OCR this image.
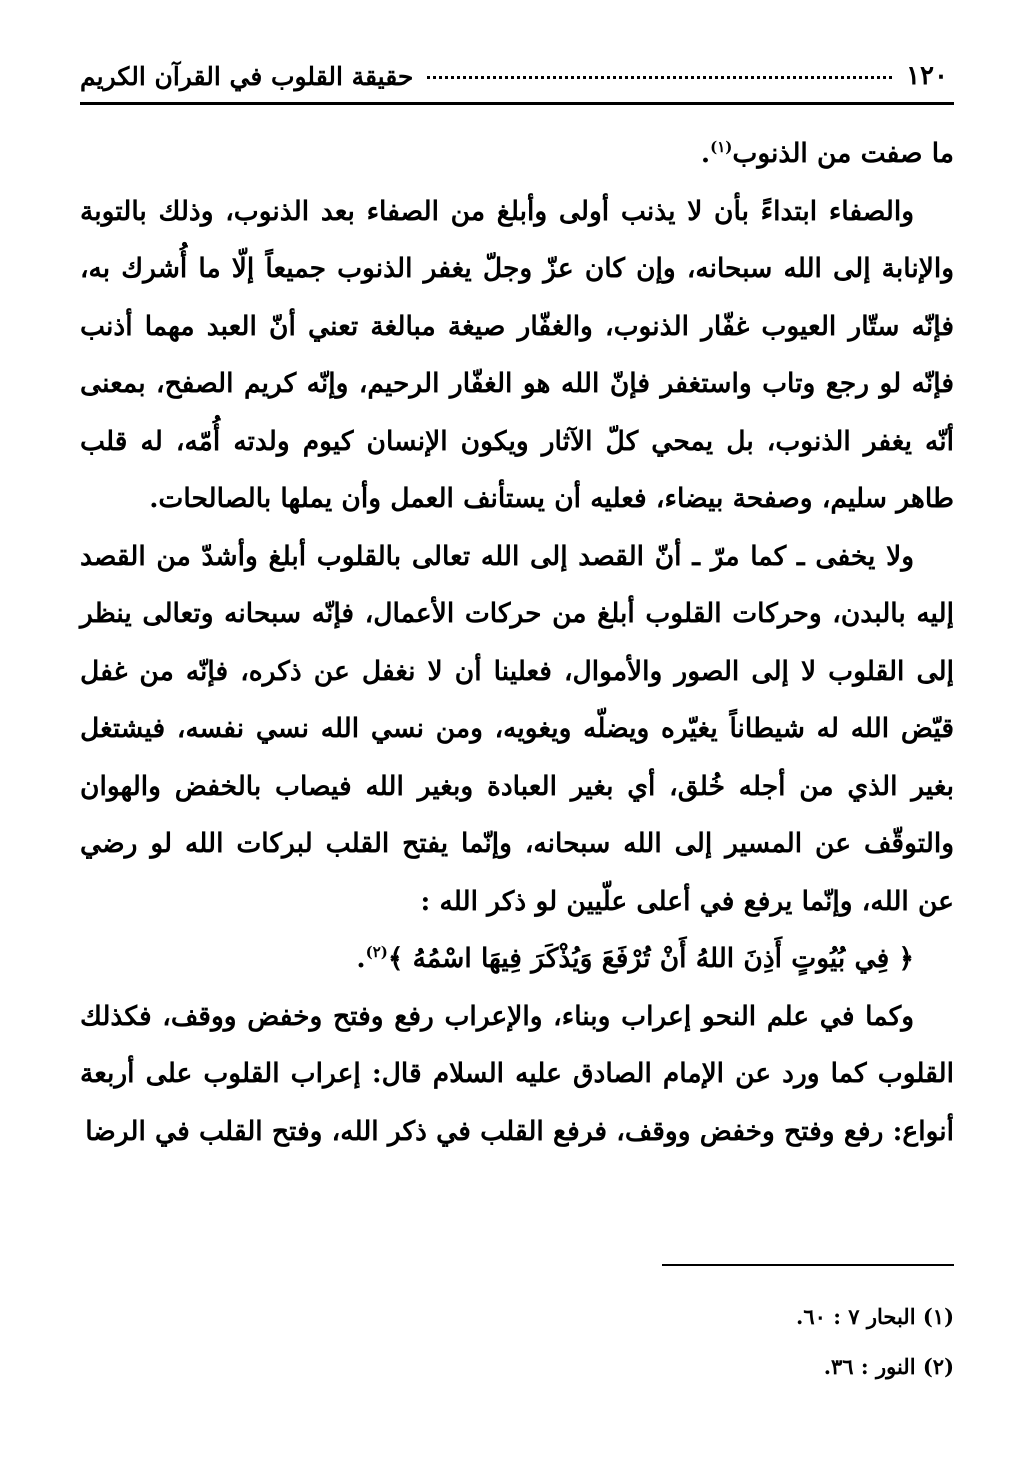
١٢٠
حقيقة القلوب في القرآن الكريم

ما صفت من الذنوب$^{(١)}$.

والصفاء ابتداءً بأن لا يذنب أولى وأبلغ من الصفاء بعد الذنوب، وذلك بالتوبة والإنابة إلى الله سبحانه، وإن كان عزّ وجلّ يغفر الذنوب جميعاً إلّا ما أُشرك به، فإنّه ستّار العيوب غفّار الذنوب، والغفّار صيغة مبالغة تعني أنّ العبد مهما أذنب فإنّه لو رجع وتاب واستغفر فإنّ الله هو الغفّار الرحيم، وإنّه كريم الصفح، بمعنى أنّه يغفر الذنوب، بل يمحي كلّ الآثار ويكون الإنسان كيوم ولدته أُمّه، له قلب طاهر سليم، وصفحة بيضاء، فعليه أن يستأنف العمل وأن يملها بالصالحات.

ولا يخفى ـ كما مرّ ـ أنّ القصد إلى الله تعالى بالقلوب أبلغ وأشدّ من القصد إليه بالبدن، وحركات القلوب أبلغ من حركات الأعمال، فإنّه سبحانه وتعالى ينظر إلى القلوب لا إلى الصور والأموال، فعلينا أن لا نغفل عن ذكره، فإنّه من غفل قيّض الله له شيطاناً يغيّره ويضلّه ويغويه، ومن نسي الله نسي نفسه، فيشتغل بغير الذي من أجله خُلق، أي بغير العبادة وبغير الله فيصاب بالخفض والهوان والتوقّف عن المسير إلى الله سبحانه، وإنّما يفتح القلب لبركات الله لو رضي عن الله، وإنّما يرفع في أعلى علّيين لو ذكر الله :

﴿ فِي بُيُوتٍ أَذِنَ اللهُ أَنْ تُرْفَعَ وَيُذْكَرَ فِيهَا اسْمُهُ ﴾$^{(٢)}$.

وكما في علم النحو إعراب وبناء، والإعراب رفع وفتح وخفض ووقف، فكذلك القلوب كما ورد عن الإمام الصادق عليه السلام قال: إعراب القلوب على أربعة أنواع: رفع وفتح وخفض ووقف، فرفع القلب في ذكر الله، وفتح القلب في الرضا

(١) البحار ٧ : ٦٠.
(٢) النور : ٣٦.
